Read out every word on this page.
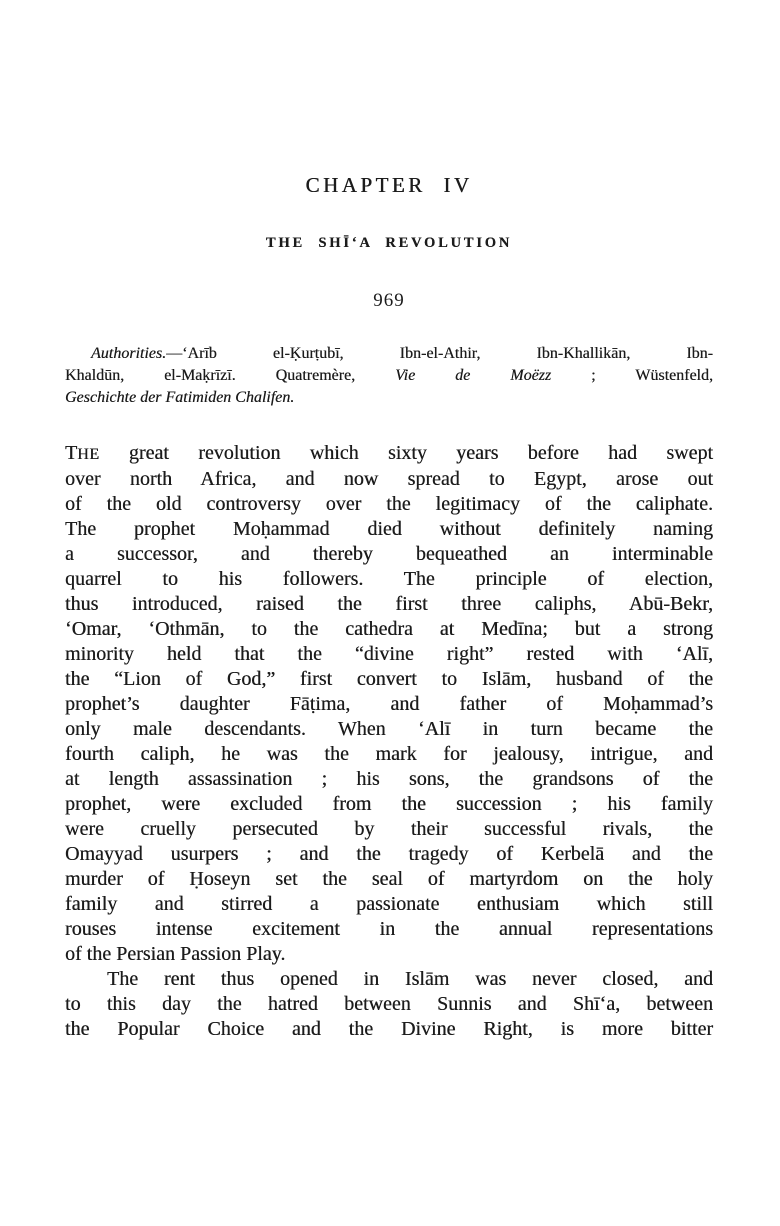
CHAPTER IV
THE SHĪ‘A REVOLUTION
969
Authorities.—‘Arīb el-Ḳurṭubī, Ibn-el-Athir, Ibn-Khallikān, Ibn-
Khaldūn, el-Maḳrīzī. Quatremère, Vie de Moëzz ; Wüstenfeld,
Geschichte der Fatimiden Chalifen.
THE great revolution which sixty years before had swept
over north Africa, and now spread to Egypt, arose out
of the old controversy over the legitimacy of the caliphate.
The prophet Moḥammad died without definitely naming
a successor, and thereby bequeathed an interminable
quarrel to his followers. The principle of election,
thus introduced, raised the first three caliphs, Abū-Bekr,
‘Omar, ‘Othmān, to the cathedra at Medīna; but a strong
minority held that the “divine right” rested with ‘Alī,
the “Lion of God,” first convert to Islām, husband of the
prophet’s daughter Fāṭima, and father of Moḥammad’s
only male descendants. When ‘Alī in turn became the
fourth caliph, he was the mark for jealousy, intrigue, and
at length assassination ; his sons, the grandsons of the
prophet, were excluded from the succession ; his family
were cruelly persecuted by their successful rivals, the
Omayyad usurpers ; and the tragedy of Kerbelā and the
murder of Ḥoseyn set the seal of martyrdom on the holy
family and stirred a passionate enthusiam which still
rouses intense excitement in the annual representations
of the Persian Passion Play.
The rent thus opened in Islām was never closed, and
to this day the hatred between Sunnis and Shī‘a, between
the Popular Choice and the Divine Right, is more bitter
